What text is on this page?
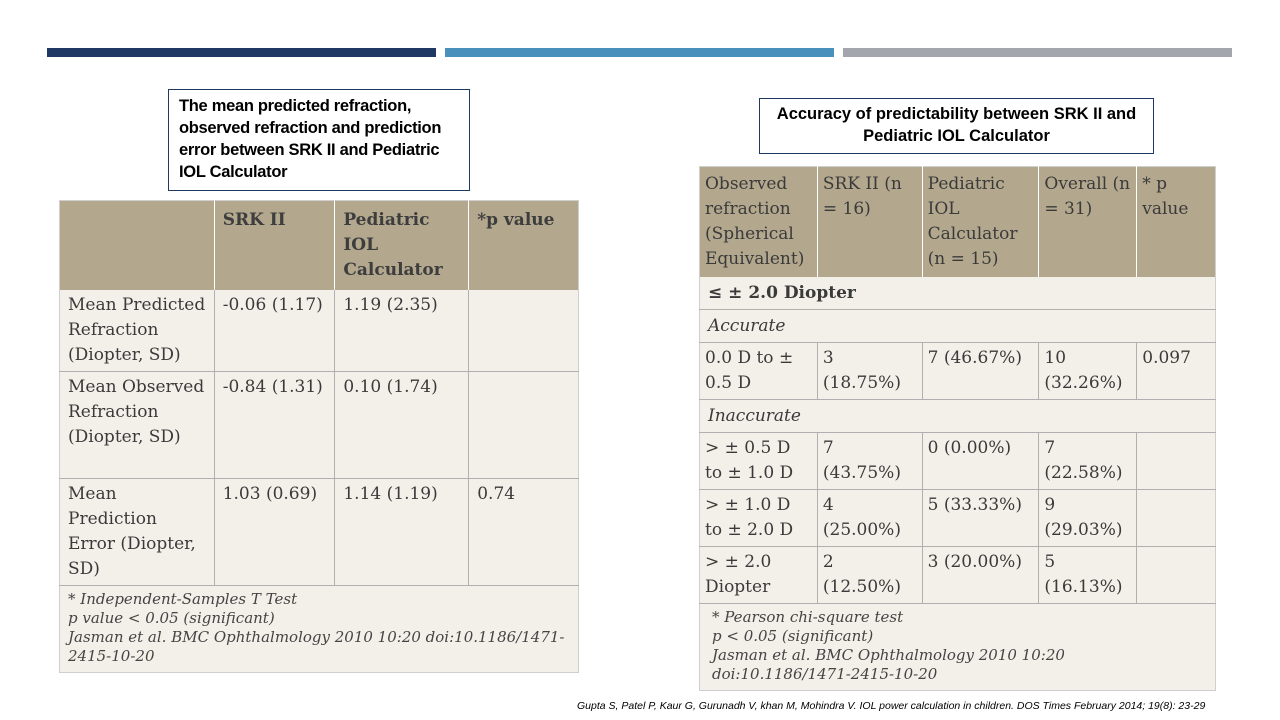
The mean predicted refraction, observed refraction and prediction error between SRK II and Pediatric IOL Calculator
Accuracy of predictability between SRK II and Pediatric IOL Calculator
	SRK II	Pediatric IOL Calculator	*p value
Mean Predicted Refraction (Diopter, SD)	-0.06 (1.17)	1.19 (2.35)	
Mean Observed Refraction (Diopter, SD)	-0.84 (1.31)	0.10 (1.74)	
Mean Prediction Error (Diopter, SD)	1.03 (0.69)	1.14 (1.19)	0.74

* Independent-Samples T Test
p value < 0.05 (significant)
Jasman et al. BMC Ophthalmology 2010 10:20 doi:10.1186/1471-2415-10-20			
Observed refraction (Spherical Equivalent)	SRK II (n = 16)	Pediatric IOL Calculator (n = 15)	Overall (n = 31)	* p value
≤ ± 2.0 Diopter				
Accurate				
0.0 D to ± 0.5 D	3 (18.75%)	7 (46.67%)	10 (32.26%)	0.097
Inaccurate				
> ± 0.5 D to ± 1.0 D	7 (43.75%)	0 (0.00%)	7 (22.58%)	
> ± 1.0 D to ± 2.0 D	4 (25.00%)	5 (33.33%)	9 (29.03%)	
> ± 2.0 Diopter	2 (12.50%)	3 (20.00%)	5 (16.13%)	

* Pearson chi-square test
p < 0.05 (significant)
Jasman et al. BMC Ophthalmology 2010 10:20 doi:10.1186/1471-2415-10-20				
Gupta S, Patel P, Kaur G, Gurunadh V, khan M, Mohindra V. IOL power calculation in children. DOS Times February 2014; 19(8): 23-29
